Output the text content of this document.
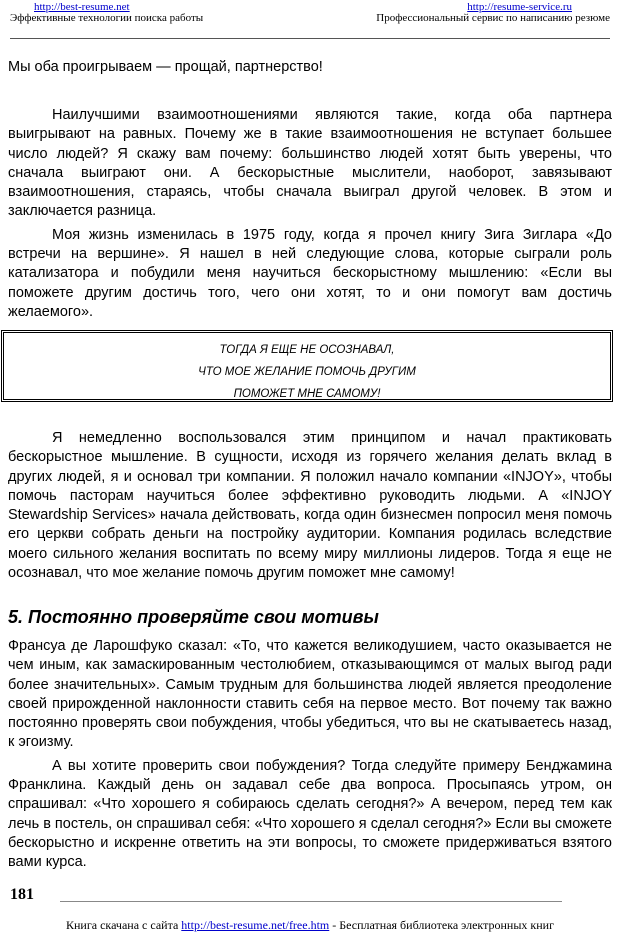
http://best-resume.net	http://resume-service.ru
Эффективные технологии поиска работы	Профессиональный сервис по написанию резюме

Мы оба проигрываем — прощай, партнерство!

Наилучшими взаимоотношениями являются такие, когда оба партнера выигрывают на равных. Почему же в такие взаимоотношения не вступает большее число людей? Я скажу вам почему: большинство людей хотят быть уверены, что сначала выиграют они. А бескорыстные мыслители, наоборот, завязывают взаимоотношения, стараясь, чтобы сначала выиграл другой человек. В этом и заключается разница.

Моя жизнь изменилась в 1975 году, когда я прочел книгу Зига Зиглара «До встречи на вершине». Я нашел в ней следующие слова, которые сыграли роль катализатора и побудили меня научиться бескорыстному мышлению: «Если вы поможете другим достичь того, чего они хотят, то и они помогут вам достичь желаемого».

ТОГДА Я ЕЩЕ НЕ ОСОЗНАВАЛ,
ЧТО МОЕ ЖЕЛАНИЕ ПОМОЧЬ ДРУГИМ
ПОМОЖЕТ МНЕ САМОМУ!

Я немедленно воспользовался этим принципом и начал практиковать бескорыстное мышление. В сущности, исходя из горячего желания делать вклад в других людей, я и основал три компании. Я положил начало компании «INJOY», чтобы помочь пасторам научиться более эффективно руководить людьми. А «INJOY Stewardship Services» начала действовать, когда один бизнесмен попросил меня помочь его церкви собрать деньги на постройку аудитории. Компания родилась вследствие моего сильного желания воспитать по всему миру миллионы лидеров. Тогда я еще не осознавал, что мое желание помочь другим поможет мне самому!

5. Постоянно проверяйте свои мотивы

Франсуа де Ларошфуко сказал: «То, что кажется великодушием, часто оказывается не чем иным, как замаскированным честолюбием, отказывающимся от малых выгод ради более значительных». Самым трудным для большинства людей является преодоление своей прирожденной наклонности ставить себя на первое место. Вот почему так важно постоянно проверять свои побуждения, чтобы убедиться, что вы не скатываетесь назад, к эгоизму.

А вы хотите проверить свои побуждения? Тогда следуйте примеру Бенджамина Франклина. Каждый день он задавал себе два вопроса. Просыпаясь утром, он спрашивал: «Что хорошего я собираюсь сделать сегодня?» А вечером, перед тем как лечь в постель, он спрашивал себя: «Что хорошего я сделал сегодня?» Если вы сможете бескорыстно и искренне ответить на эти вопросы, то сможете придерживаться взятого вами курса.

181
Книга скачана с сайта http://best-resume.net/free.htm - Бесплатная библиотека электронных книг
